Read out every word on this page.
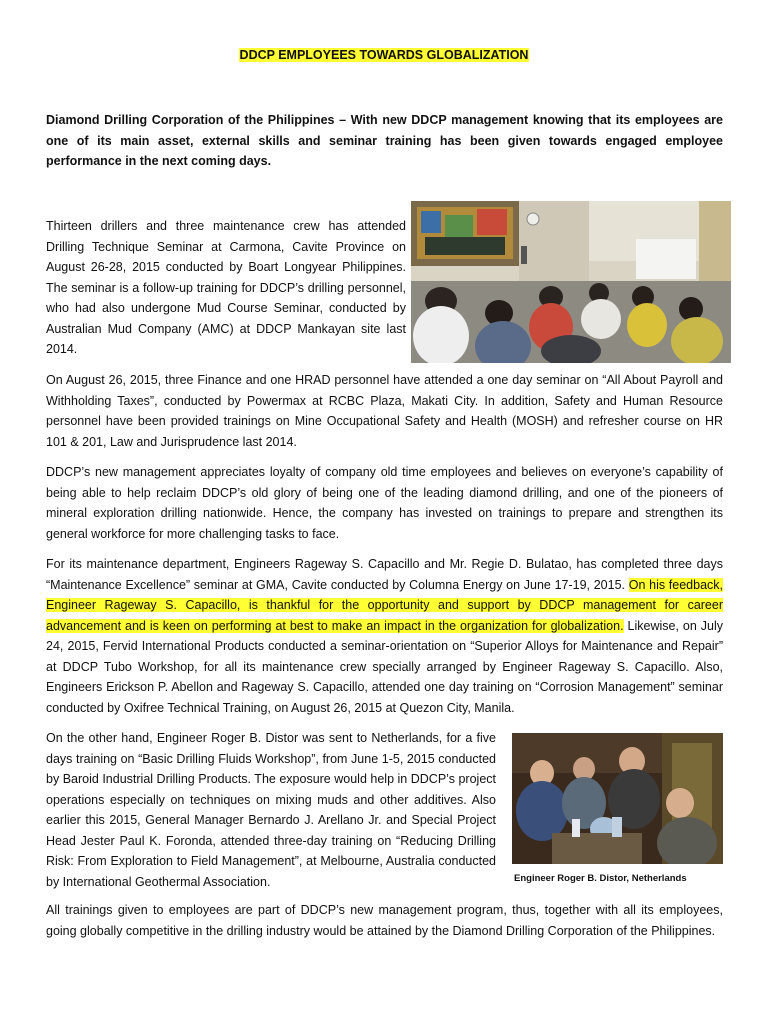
DDCP EMPLOYEES TOWARDS GLOBALIZATION
Diamond Drilling Corporation of the Philippines – With new DDCP management knowing that its employees are one of its main asset, external skills and seminar training has been given towards engaged employee performance in the next coming days.
Thirteen drillers and three maintenance crew has attended Drilling Technique Seminar at Carmona, Cavite Province on August 26-28, 2015 conducted by Boart Longyear Philippines. The seminar is a follow-up training for DDCP’s drilling personnel, who had also undergone Mud Course Seminar, conducted by Australian Mud Company (AMC) at DDCP Mankayan site last 2014.
On August 26, 2015, three Finance and one HRAD personnel have attended a one day seminar on “All About Payroll and Withholding Taxes”, conducted by Powermax at RCBC Plaza, Makati City. In addition, Safety and Human Resource personnel have been provided trainings on Mine Occupational Safety and Health (MOSH) and refresher course on HR 101 & 201, Law and Jurisprudence last 2014.
DDCP’s new management appreciates loyalty of company old time employees and believes on everyone’s capability of being able to help reclaim DDCP’s old glory of being one of the leading diamond drilling, and one of the pioneers of mineral exploration drilling nationwide. Hence, the company has invested on trainings to prepare and strengthen its general workforce for more challenging tasks to face.
For its maintenance department, Engineers Rageway S. Capacillo and Mr. Regie D. Bulatao, has completed three days “Maintenance Excellence” seminar at GMA, Cavite conducted by Columna Energy on June 17-19, 2015. On his feedback, Engineer Rageway S. Capacillo, is thankful for the opportunity and support by DDCP management for career advancement and is keen on performing at best to make an impact in the organization for globalization. Likewise, on July 24, 2015, Fervid International Products conducted a seminar-orientation on “Superior Alloys for Maintenance and Repair” at DDCP Tubo Workshop, for all its maintenance crew specially arranged by Engineer Rageway S. Capacillo. Also, Engineers Erickson P. Abellon and Rageway S. Capacillo, attended one day training on “Corrosion Management” seminar conducted by Oxifree Technical Training, on August 26, 2015 at Quezon City, Manila.
On the other hand, Engineer Roger B. Distor was sent to Netherlands, for a five days training on “Basic Drilling Fluids Workshop”, from June 1-5, 2015 conducted by Baroid Industrial Drilling Products. The exposure would help in DDCP’s project operations especially on techniques on mixing muds and other additives. Also earlier this 2015, General Manager Bernardo J. Arellano Jr. and Special Project Head Jester Paul K. Foronda, attended three-day training on “Reducing Drilling Risk: From Exploration to Field Management”, at Melbourne, Australia conducted by International Geothermal Association.	Engineer Roger B. Distor, Netherlands
All trainings given to employees are part of DDCP’s new management program, thus, together with all its employees, going globally competitive in the drilling industry would be attained by the Diamond Drilling Corporation of the Philippines.
